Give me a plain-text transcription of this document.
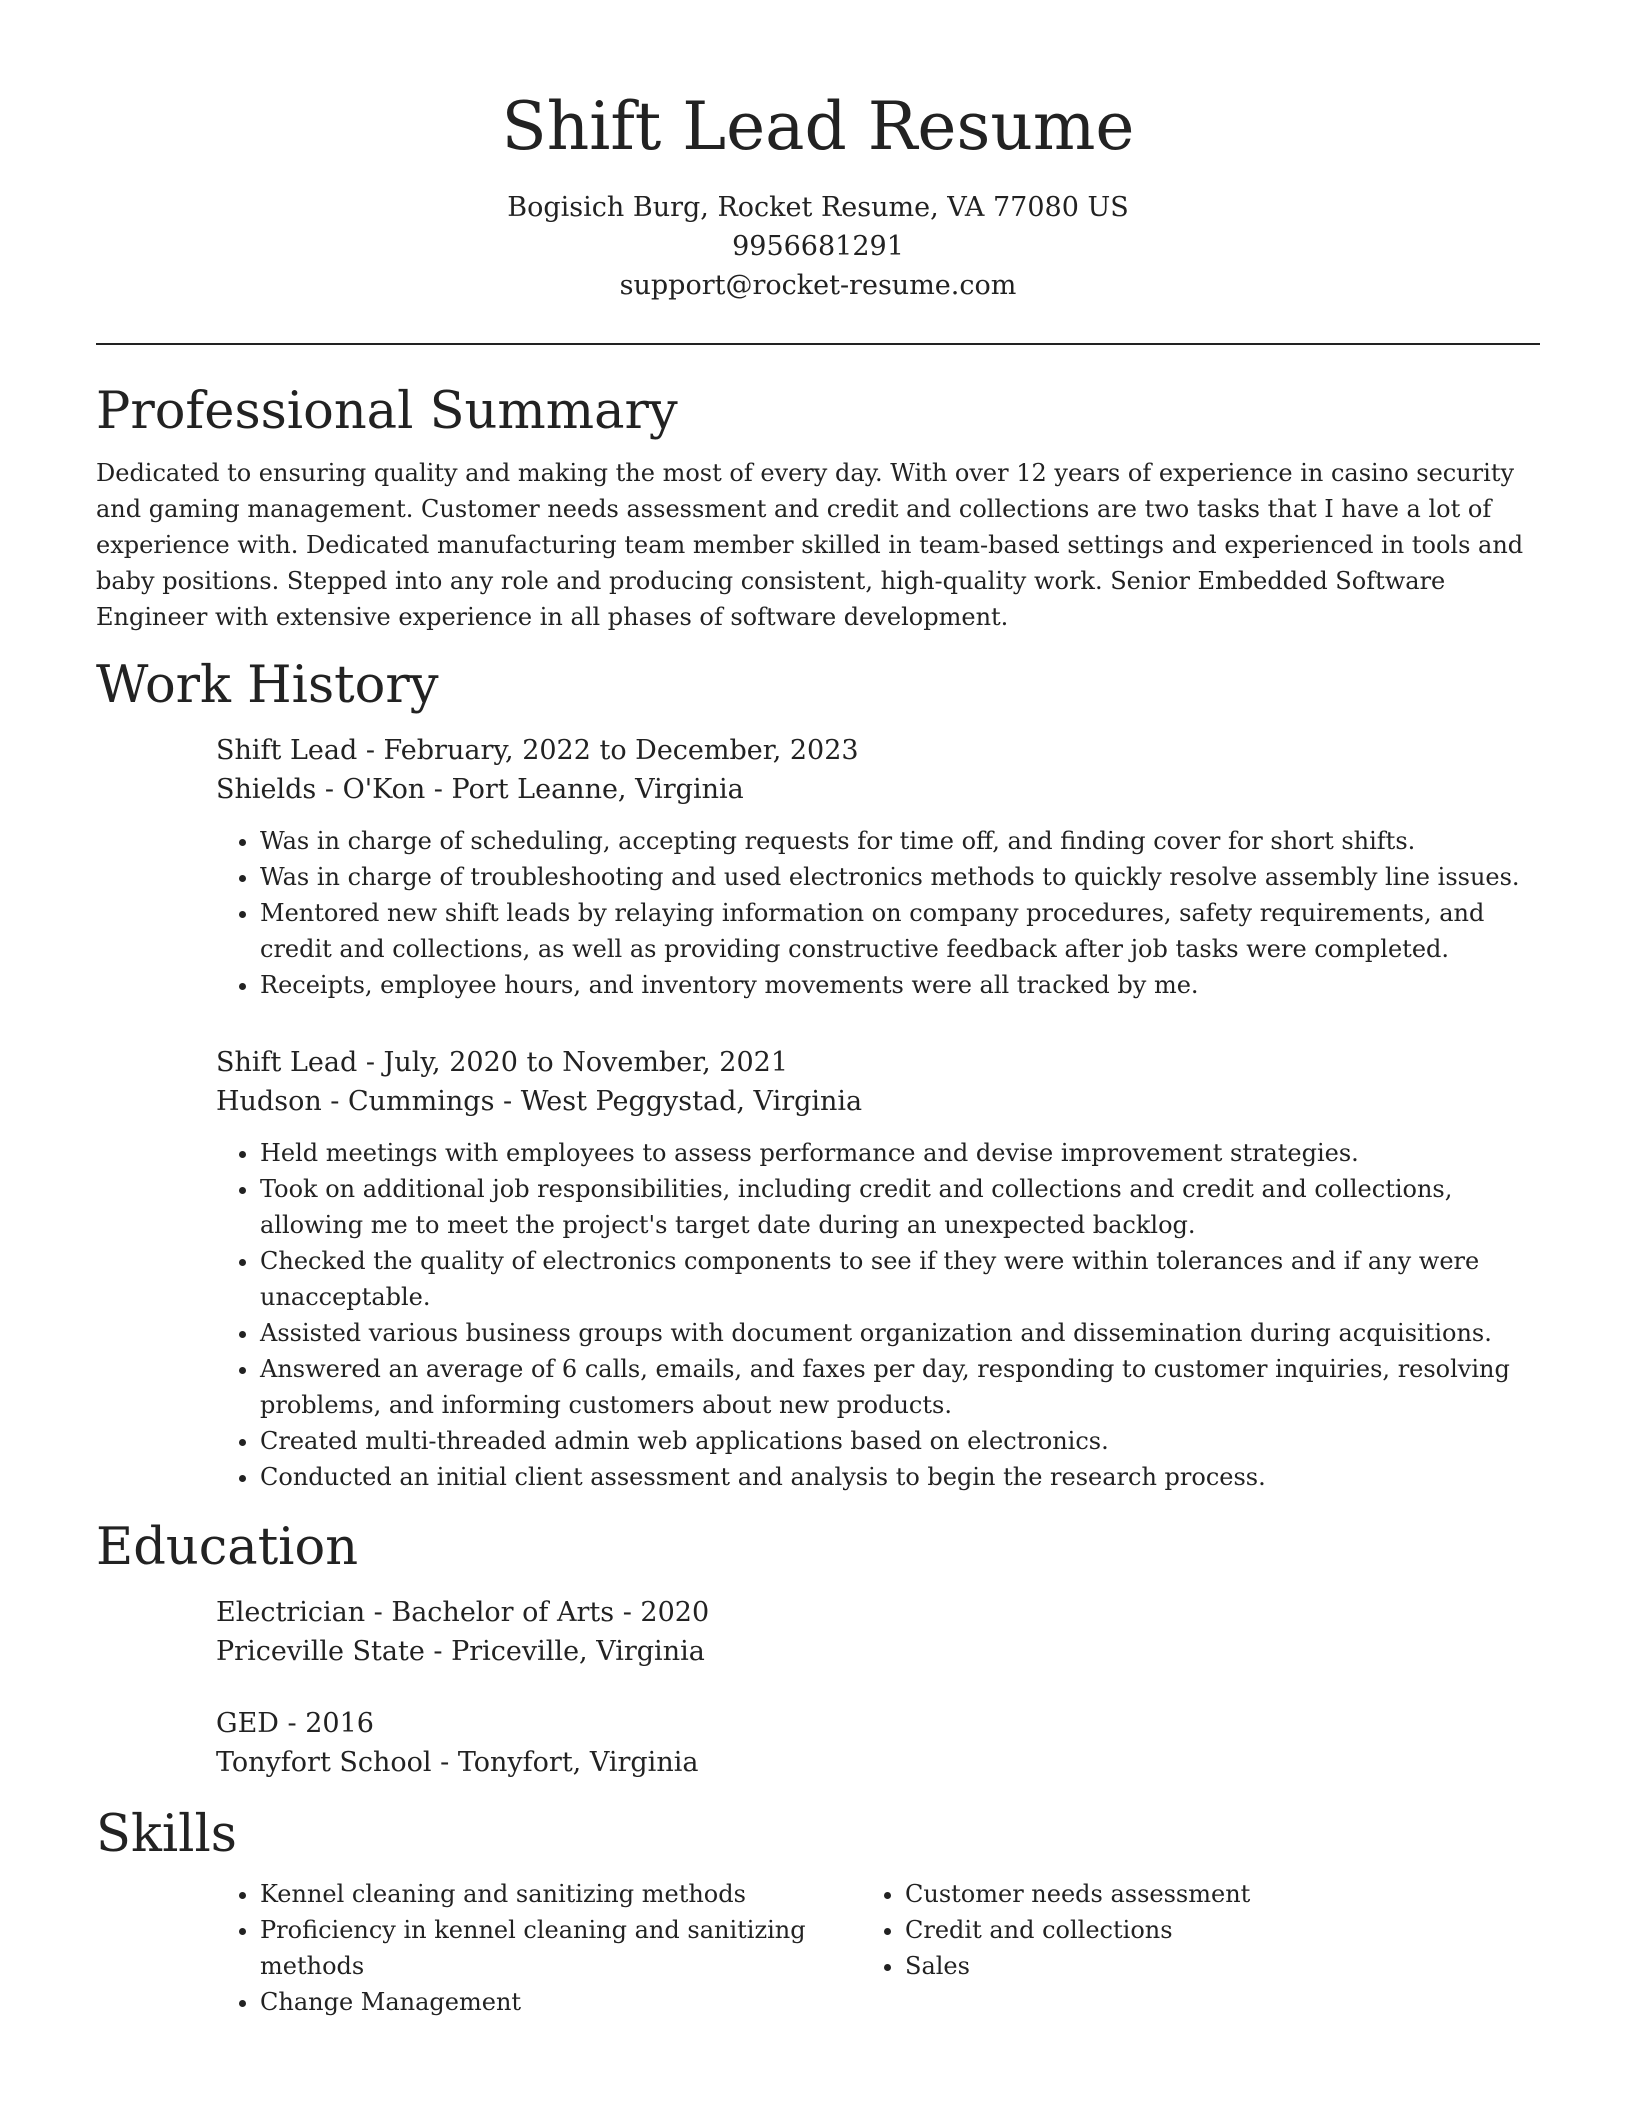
Shift Lead Resume
Bogisich Burg, Rocket Resume, VA 77080 US
9956681291
support@rocket-resume.com
Professional Summary

Dedicated to ensuring quality and making the most of every day. With over 12 years of experience in casino security and gaming management. Customer needs assessment and credit and collections are two tasks that I have a lot of experience with. Dedicated manufacturing team member skilled in team-based settings and experienced in tools and baby positions. Stepped into any role and producing consistent, high-quality work. Senior Embedded Software Engineer with extensive experience in all phases of software development.

Work History
Shift Lead - February, 2022 to December, 2023
Shields - O'Kon - Port Leanne, Virginia
• Was in charge of scheduling, accepting requests for time off, and finding cover for short shifts.
• Was in charge of troubleshooting and used electronics methods to quickly resolve assembly line issues.
• Mentored new shift leads by relaying information on company procedures, safety requirements, and credit and collections, as well as providing constructive feedback after job tasks were completed.
• Receipts, employee hours, and inventory movements were all tracked by me.
Shift Lead - July, 2020 to November, 2021
Hudson - Cummings - West Peggystad, Virginia
• Held meetings with employees to assess performance and devise improvement strategies.
• Took on additional job responsibilities, including credit and collections and credit and collections, allowing me to meet the project's target date during an unexpected backlog.
• Checked the quality of electronics components to see if they were within tolerances and if any were unacceptable.
• Assisted various business groups with document organization and dissemination during acquisitions.
• Answered an average of 6 calls, emails, and faxes per day, responding to customer inquiries, resolving problems, and informing customers about new products.
• Created multi-threaded admin web applications based on electronics.
• Conducted an initial client assessment and analysis to begin the research process.
Education
Electrician - Bachelor of Arts - 2020
Priceville State - Priceville, Virginia
GED - 2016
Tonyfort School - Tonyfort, Virginia
Skills
• Kennel cleaning and sanitizing methods
• Proficiency in kennel cleaning and sanitizing methods
• Change Management
• Customer needs assessment
• Credit and collections
• Sales
